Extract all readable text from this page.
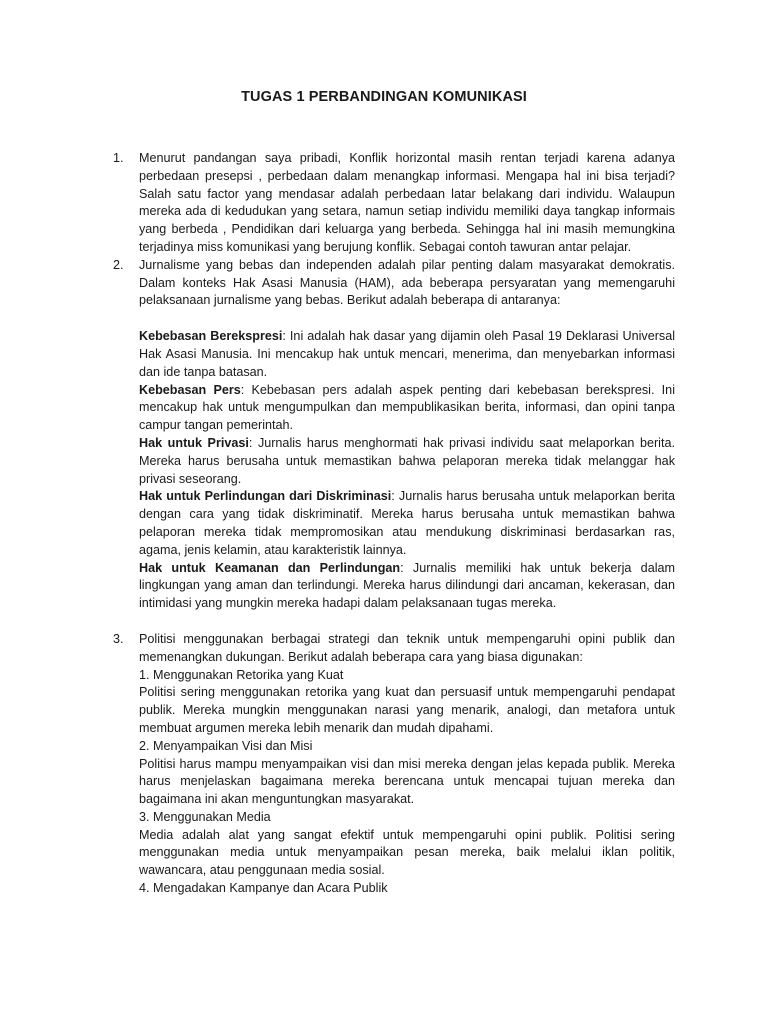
TUGAS 1 PERBANDINGAN KOMUNIKASI
1. Menurut pandangan saya pribadi, Konflik horizontal masih rentan terjadi karena adanya perbedaan presepsi , perbedaan dalam menangkap informasi. Mengapa hal ini bisa terjadi? Salah satu factor yang mendasar adalah perbedaan latar belakang dari individu. Walaupun mereka ada di kedudukan yang setara, namun setiap individu memiliki daya tangkap informais yang berbeda , Pendidikan dari keluarga yang berbeda. Sehingga hal ini masih memungkina terjadinya miss komunikasi yang berujung konflik. Sebagai contoh tawuran antar pelajar.

2. Jurnalisme yang bebas dan independen adalah pilar penting dalam masyarakat demokratis. Dalam konteks Hak Asasi Manusia (HAM), ada beberapa persyaratan yang memengaruhi pelaksanaan jurnalisme yang bebas. Berikut adalah beberapa di antaranya:

Kebebasan Berekspresi: Ini adalah hak dasar yang dijamin oleh Pasal 19 Deklarasi Universal Hak Asasi Manusia. Ini mencakup hak untuk mencari, menerima, dan menyebarkan informasi dan ide tanpa batasan.

Kebebasan Pers: Kebebasan pers adalah aspek penting dari kebebasan berekspresi. Ini mencakup hak untuk mengumpulkan dan mempublikasikan berita, informasi, dan opini tanpa campur tangan pemerintah.

Hak untuk Privasi: Jurnalis harus menghormati hak privasi individu saat melaporkan berita. Mereka harus berusaha untuk memastikan bahwa pelaporan mereka tidak melanggar hak privasi seseorang.

Hak untuk Perlindungan dari Diskriminasi: Jurnalis harus berusaha untuk melaporkan berita dengan cara yang tidak diskriminatif. Mereka harus berusaha untuk memastikan bahwa pelaporan mereka tidak mempromosikan atau mendukung diskriminasi berdasarkan ras, agama, jenis kelamin, atau karakteristik lainnya.

Hak untuk Keamanan dan Perlindungan: Jurnalis memiliki hak untuk bekerja dalam lingkungan yang aman dan terlindungi. Mereka harus dilindungi dari ancaman, kekerasan, dan intimidasi yang mungkin mereka hadapi dalam pelaksanaan tugas mereka.

3. Politisi menggunakan berbagai strategi dan teknik untuk mempengaruhi opini publik dan memenangkan dukungan. Berikut adalah beberapa cara yang biasa digunakan:

1. Menggunakan Retorika yang Kuat

Politisi sering menggunakan retorika yang kuat dan persuasif untuk mempengaruhi pendapat publik. Mereka mungkin menggunakan narasi yang menarik, analogi, dan metafora untuk membuat argumen mereka lebih menarik dan mudah dipahami.

2. Menyampaikan Visi dan Misi

Politisi harus mampu menyampaikan visi dan misi mereka dengan jelas kepada publik. Mereka harus menjelaskan bagaimana mereka berencana untuk mencapai tujuan mereka dan bagaimana ini akan menguntungkan masyarakat.

3. Menggunakan Media

Media adalah alat yang sangat efektif untuk mempengaruhi opini publik. Politisi sering menggunakan media untuk menyampaikan pesan mereka, baik melalui iklan politik, wawancara, atau penggunaan media sosial.

4. Mengadakan Kampanye dan Acara Publik
